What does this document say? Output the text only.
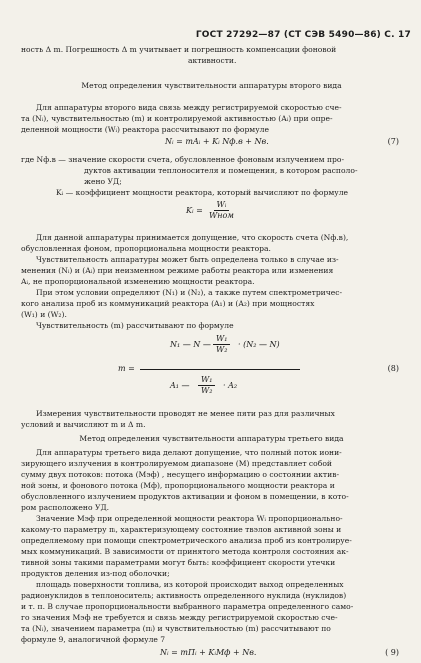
ГОСТ 27292—87 (СТ СЭВ 5490—86) С. 17
ность Δ m. Погрешность Δ m учитывает и погрешность компенсации фоновой
активности.
Метод определения чувствительности аппаратуры второго вида
Для аппаратуры второго вида связь между регистрируемой скоростью сче-
та (Nᵢ), чувствительностью (m) и контролируемой активностью (Aᵢ) при опре-
деленной мощности (Wᵢ) реактора рассчитывают по формуле
Nᵢ = mAᵢ + Kᵢ Nф.в + Nв.	(7)
где Nф.в — значение скорости счета, обусловленное фоновым излучением про-
дуктов активации теплоносителя и помещения, в котором располо-
жено УД;
Kᵢ — коэффициент мощности реактора, который вычисляют по формуле
Kᵢ =
Wᵢ
Wном
Для данной аппаратуры принимается допущение, что скорость счета (Nф.в),
обусловленная фоном, пропорциональна мощности реактора.
Чувствительность аппаратуры может быть определена только в случае из-
менения (Nᵢ) и (Aᵢ) при неизменном режиме работы реактора или изменения
Aᵢ, не пропорциональной изменению мощности реактора.
При этом условии определяют (N₁) и (N₂), а также путем спектрометричес-
кого анализа проб из коммуникаций реактора (A₁) и (A₂) при мощностях
(W₁) и (W₂).
Чувствительность (m) рассчитывают по формуле
m =
N₁ — N — $\frac{\text{W₁}}{\text{W₂}} \cdot (N_2$ — N)
A₁ — $\frac{\text{W₁}}{\text{W₂}} \cdot A_2$
(8)
Измерения чувствительности проводят не менее пяти раз для различных
условий и вычисляют m и Δ m.
Метод определения чувствительности аппаратуры третьего вида
Для аппаратуры третьего вида делают допущение, что полный поток иони-
зирующего излучения в контролируемом диапазоне (M) представляет собой
сумму двух потоков: потока (Mэф) , несущего информацию о состоянии актив-
ной зоны, и фонового потока (Mф), пропорционального мощности реактора и
обусловленного излучением продуктов активации и фоном в помещении, в кото-
ром расположено УД.
Значение Mэф при определенной мощности реактора Wᵢ пропорционально-
какому-то параметру πᵢ, характеризующему состояние твэлов активной зоны и
определяемому при помощи спектрометрического анализа проб из контролируе-
мых коммуникаций. В зависимости от принятого метода контроля состояния ак-
тивной зоны такими параметрами могут быть: коэффициент скорости утечки
продуктов деления из-под оболочки;
площадь поверхности топлива, из которой происходит выход определенных
радионуклидов в теплоноситель; активность определенного нуклида (нуклидов)
и т. п. В случае пропорциональности выбранного параметра определенного само-
го значения Mэф не требуется и связь между регистрируемой скоростью сче-
та (Nᵢ), значением параметра (πᵢ) и чувствительностью (m) рассчитывают по
формуле 9, аналогичной формуле 7
Nᵢ = mΠᵢ + KᵢMф + Nв.	( 9)
